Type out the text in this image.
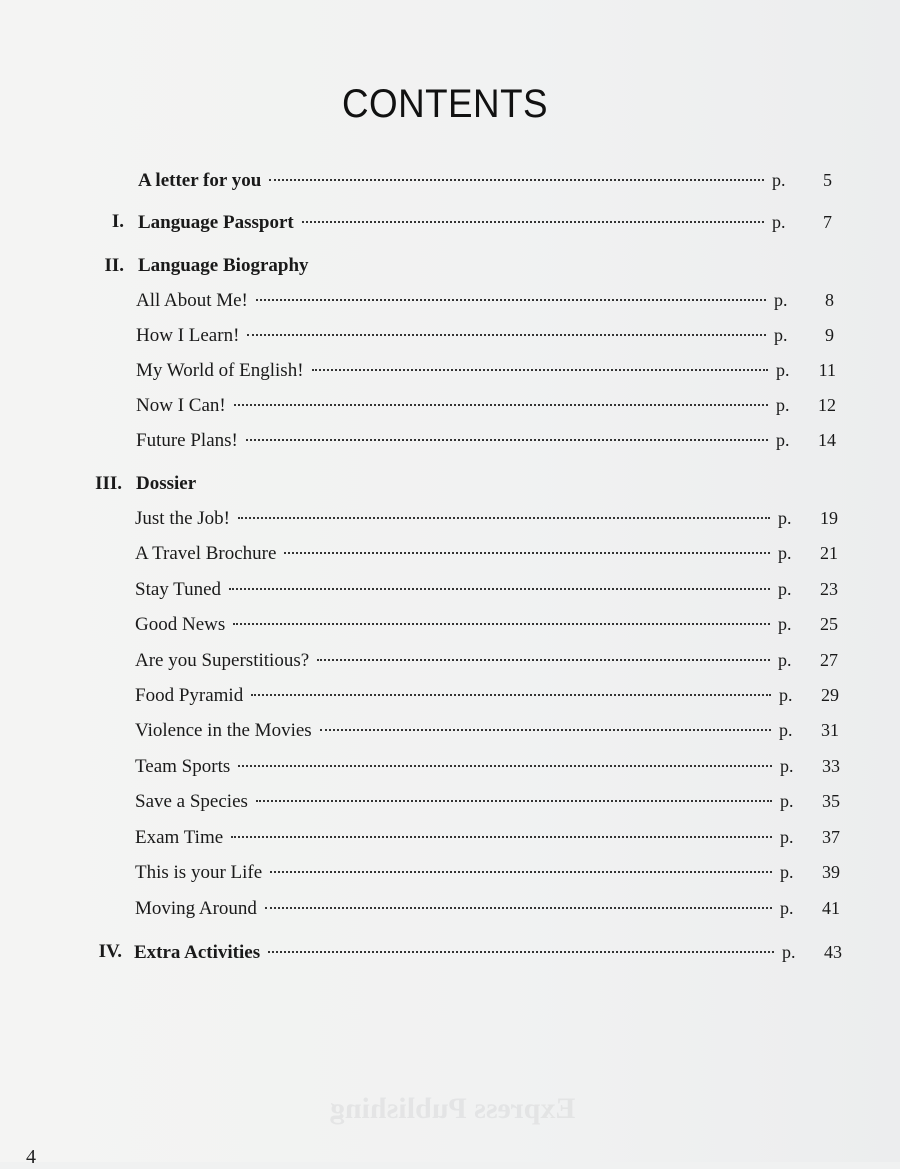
Express Publishing
CONTENTS
A letter for you	p.	5
I. Language Passport	p.	7
II. Language Biography
All About Me!	p.	8
How I Learn!	p.	9
My World of English!	p.	11
Now I Can!	p.	12
Future Plans!	p.	14
III. Dossier
Just the Job!	p.	19
A Travel Brochure	p.	21
Stay Tuned	p.	23
Good News	p.	25
Are you Superstitious?	p.	27
Food Pyramid	p.	29
Violence in the Movies	p.	31
Team Sports	p.	33
Save a Species	p.	35
Exam Time	p.	37
This is your Life	p.	39
Moving Around	p.	41
IV. Extra Activities	p.	43
4
